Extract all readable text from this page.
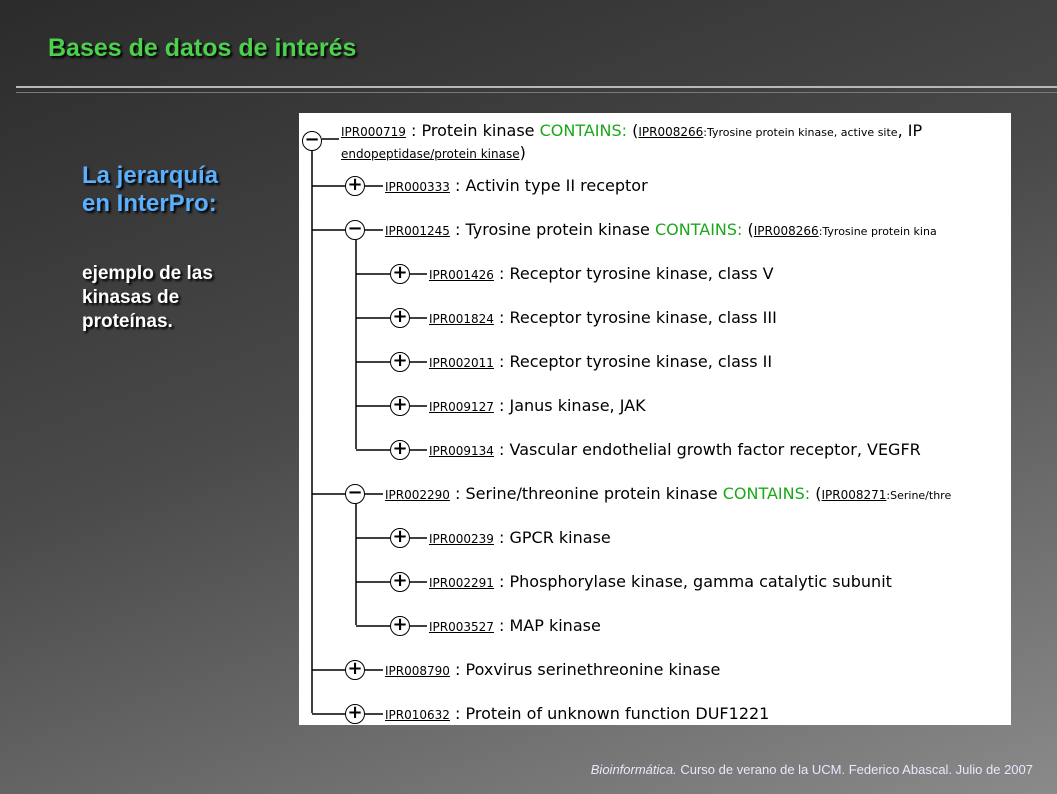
Bases de datos de interés
La jerarquía
en InterPro:
ejemplo de las
kinasas de
proteínas.
− IPR000719 : Protein kinase CONTAINS: (IPR008266:Tyrosine protein kinase, active site, IP
endopeptidase/protein kinase)
+ IPR000333 : Activin type II receptor
− IPR001245 : Tyrosine protein kinase CONTAINS: (IPR008266:Tyrosine protein kina
+ IPR001426 : Receptor tyrosine kinase, class V
+ IPR001824 : Receptor tyrosine kinase, class III
+ IPR002011 : Receptor tyrosine kinase, class II
+ IPR009127 : Janus kinase, JAK
+ IPR009134 : Vascular endothelial growth factor receptor, VEGFR
− IPR002290 : Serine/threonine protein kinase CONTAINS: (IPR008271:Serine/thre
+ IPR000239 : GPCR kinase
+ IPR002291 : Phosphorylase kinase, gamma catalytic subunit
+ IPR003527 : MAP kinase
+ IPR008790 : Poxvirus serinethreonine kinase
+ IPR010632 : Protein of unknown function DUF1221
Bioinformática. Curso de verano de la UCM. Federico Abascal. Julio de 2007
